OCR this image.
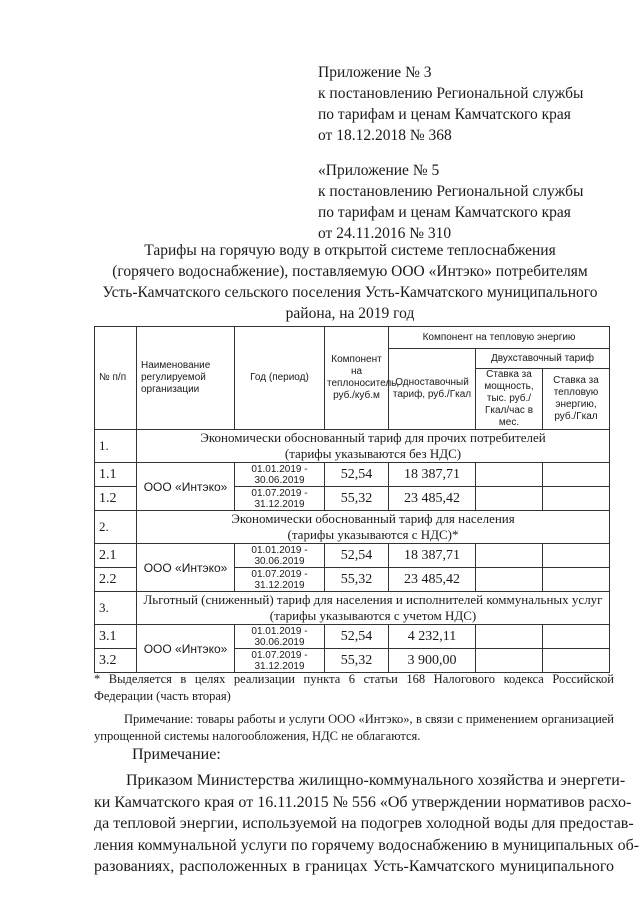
Приложение № 3
к постановлению Региональной службы
по тарифам и ценам Камчатского края
от 18.12.2018 № 368
«Приложение № 5
к постановлению Региональной службы
по тарифам и ценам Камчатского края
от 24.11.2016 № 310
Тарифы на горячую воду в открытой системе теплоснабжения
(горячего водоснабжение), поставляемую ООО «Интэко» потребителям
Усть-Камчатского сельского поселения Усть-Камчатского муниципального
района, на 2019 год
№ п/п	Наименование регулируемой организации	Год (период)	Компонент на теплоноситель, руб./куб.м	Компонент на тепловую энергию		
				Одноставочный тариф, руб./Гкал	Двухставочный тариф	
					Ставка за мощность, тыс. руб./Гкал/час в мес.	Ставка за тепловую энергию, руб./Гкал
1.	Экономически обоснованный тариф для прочих потребителей
(тарифы указываются без НДС)					

1.1	ООО «Интэко»	01.01.2019 -
30.06.2019	52,54	18 387,71		
1.2		01.07.2019 -
31.12.2019	55,32	23 485,42		
2.	Экономически обоснованный тариф для населения
(тарифы указываются с НДС)*					

2.1	ООО «Интэко»	01.01.2019 -
30.06.2019	52,54	18 387,71		
2.2		01.07.2019 -
31.12.2019	55,32	23 485,42		
3.	Льготный (сниженный) тариф для населения и исполнителей коммунальных услуг
(тарифы указываются с учетом НДС)					

3.1	ООО «Интэко»	01.01.2019 -
30.06.2019	52,54	4 232,11		
3.2		01.07.2019 -
31.12.2019	55,32	3 900,00		
* Выделяется в целях реализации пункта 6 статьи 168 Налогового кодекса Российской Федерации (часть вторая)
Примечание: товары работы и услуги ООО «Интэко», в связи с применением организацией упрощенной системы налогообложения, НДС не облагаются.
Примечание:
Приказом Министерства жилищно-коммунального хозяйства и энергети-
ки Камчатского края от 16.11.2015 № 556 «Об утверждении нормативов расхо-
да тепловой энергии, используемой на подогрев холодной воды для предостав-
ления коммунальной услуги по горячему водоснабжению в муниципальных об-
разованиях, расположенных в границах Усть-Камчатского муниципального
